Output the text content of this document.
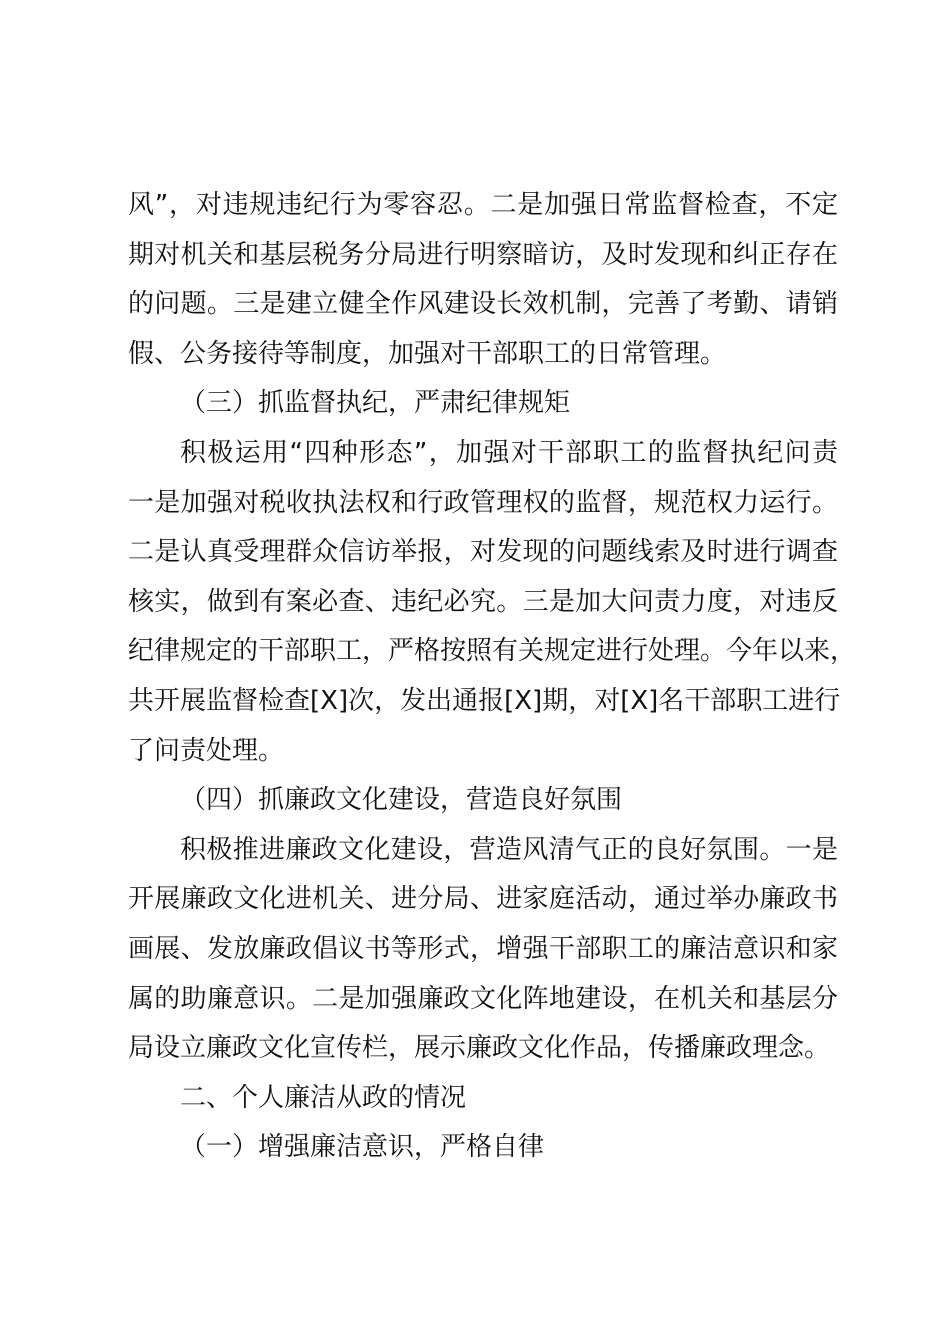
风”，对违规违纪行为零容忍。二是加强日常监督检查，不定
期对机关和基层税务分局进行明察暗访，及时发现和纠正存在
的问题。三是建立健全作风建设长效机制，完善了考勤、请销
假、公务接待等制度，加强对干部职工的日常管理。
（三）抓监督执纪，严肃纪律规矩
积极运用“四种形态”，加强对干部职工的监督执纪问责
一是加强对税收执法权和行政管理权的监督，规范权力运行。
二是认真受理群众信访举报，对发现的问题线索及时进行调查
核实，做到有案必查、违纪必究。三是加大问责力度，对违反
纪律规定的干部职工，严格按照有关规定进行处理。今年以来，
共开展监督检查[X]次，发出通报[X]期，对[X]名干部职工进行
了问责处理。
（四）抓廉政文化建设，营造良好氛围
积极推进廉政文化建设，营造风清气正的良好氛围。一是
开展廉政文化进机关、进分局、进家庭活动，通过举办廉政书
画展、发放廉政倡议书等形式，增强干部职工的廉洁意识和家
属的助廉意识。二是加强廉政文化阵地建设，在机关和基层分
局设立廉政文化宣传栏，展示廉政文化作品，传播廉政理念。
二、个人廉洁从政的情况
（一）增强廉洁意识，严格自律
